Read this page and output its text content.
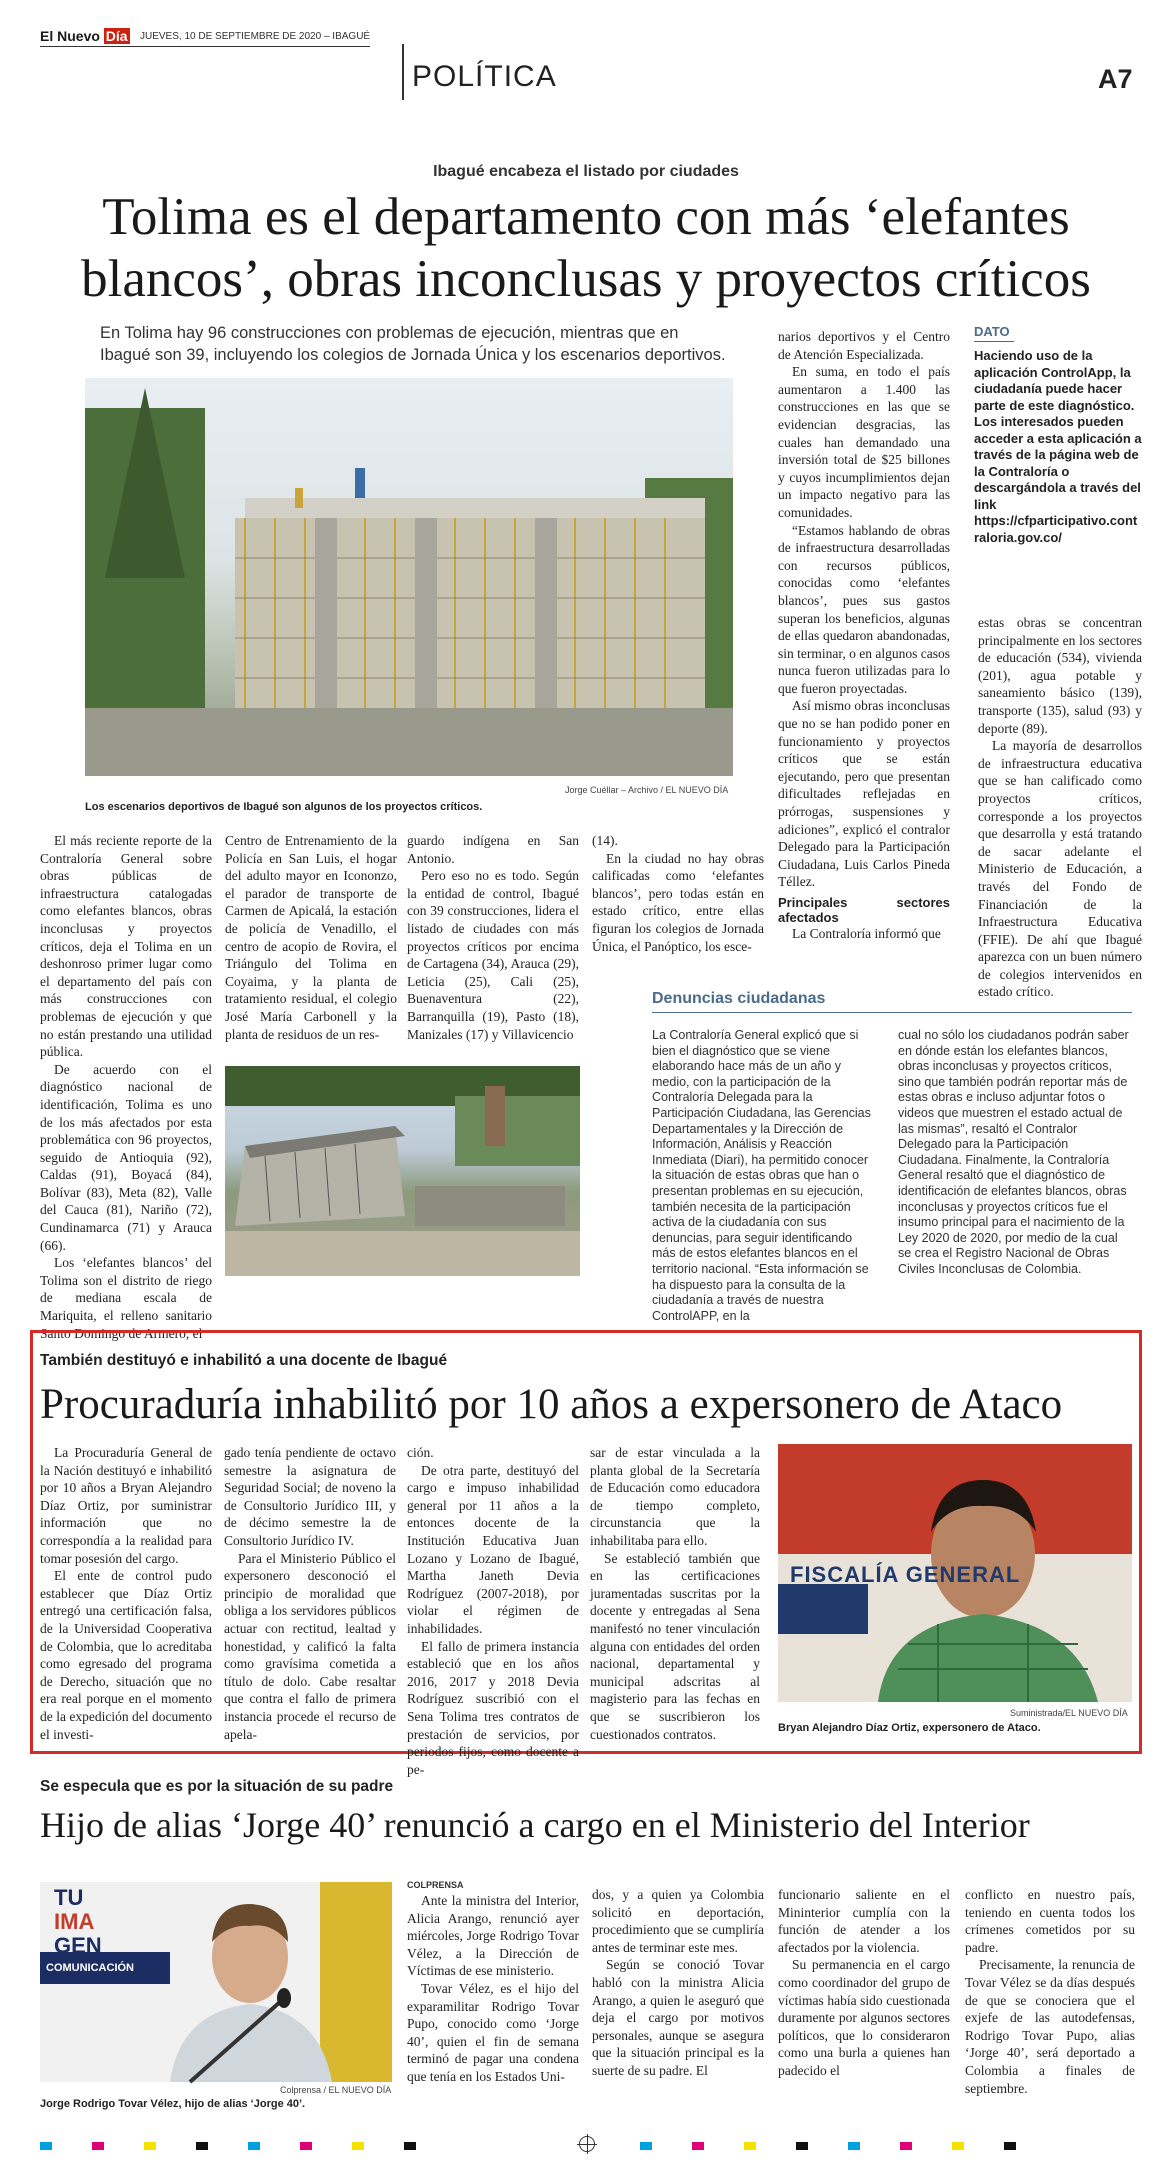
El Nuevo Día JUEVES, 10 DE SEPTIEMBRE DE 2020 – IBAGUÉ
POLÍTICA	A7
Ibagué encabeza el listado por ciudades
Tolima es el departamento con más ‘elefantes
blancos’, obras inconclusas y proyectos críticos
En Tolima hay 96 construcciones con problemas de ejecución, mientras que en
Ibagué son 39, incluyendo los colegios de Jornada Única y los escenarios deportivos.
Jorge Cuéllar – Archivo / EL NUEVO DÍA
Los escenarios deportivos de Ibagué son algunos de los proyectos críticos.

narios deportivos y el Centro de Atención Especializada.

En suma, en todo el país aumentaron a 1.400 las construcciones en las que se evidencian desgracias, las cuales han demandado una inversión total de $25 billones y cuyos incumplimientos dejan un impacto negativo para las comunidades.

“Estamos hablando de obras de infraestructura desarrolladas con recursos públicos, conocidas como ‘elefantes blancos’, pues sus gastos superan los beneficios, algunas de ellas quedaron abandonadas, sin terminar, o en algunos casos nunca fueron utilizadas para lo que fueron proyectadas.

Así mismo obras inconclusas que no se han podido poner en funcionamiento y proyectos críticos que se están ejecutando, pero que presentan dificultades reflejadas en prórrogas, suspensiones y adiciones”, explicó el contralor Delegado para la Participación Ciudadana, Luis Carlos Pineda Téllez.

Principales sectores afectados

La Contraloría informó que

DATO
Haciendo uso de la aplicación ControlApp, la ciudadanía puede hacer parte de este diagnóstico. Los interesados pueden acceder a esta aplicación a través de la página web de la Contraloría o descargándola a través del link https://cfparticipativo.contraloria.gov.co/

estas obras se concentran principalmente en los sectores de educación (534), vivienda (201), agua potable y saneamiento básico (139), transporte (135), salud (93) y deporte (89).

La mayoría de desarrollos de infraestructura educativa que se han calificado como proyectos críticos, corresponde a los proyectos que desarrolla y está tratando de sacar adelante el Ministerio de Educación, a través del Fondo de Financiación de la Infraestructura Educativa (FFIE). De ahí que Ibagué aparezca con un buen número de colegios intervenidos en estado crítico.

El más reciente reporte de la Contraloría General sobre obras públicas de infraestructura catalogadas como elefantes blancos, obras inconclusas y proyectos críticos, deja el Tolima en un deshonroso primer lugar como el departamento del país con más construcciones con problemas de ejecución y que no están prestando una utilidad pública.

De acuerdo con el diagnóstico nacional de identificación, Tolima es uno de los más afectados por esta problemática con 96 proyectos, seguido de Antioquia (92), Caldas (91), Boyacá (84), Bolívar (83), Meta (82), Valle del Cauca (81), Nariño (72), Cundinamarca (71) y Arauca (66).

Los ‘elefantes blancos’ del Tolima son el distrito de riego de mediana escala de Mariquita, el relleno sanitario Santo Domingo de Armero, el

Centro de Entrenamiento de la Policía en San Luis, el hogar del adulto mayor en Icononzo, el parador de transporte de Carmen de Apicalá, la estación de policía de Venadillo, el centro de acopio de Rovira, el Triángulo del Tolima en Coyaima, y la planta de tratamiento residual, el colegio José María Carbonell y la planta de residuos de un res-

guardo indígena en San Antonio.

Pero eso no es todo. Según la entidad de control, Ibagué con 39 construcciones, lidera el listado de ciudades con más proyectos críticos por encima de Cartagena (34), Arauca (29), Leticia (25), Cali (25), Buenaventura (22), Barranquilla (19), Pasto (18), Manizales (17) y Villavicencio

(14).

En la ciudad no hay obras calificadas como ‘elefantes blancos’, pero todas están en estado crítico, entre ellas figuran los colegios de Jornada Única, el Panóptico, los esce-

Denuncias ciudadanas
La Contraloría General explicó que si bien el diagnóstico que se viene elaborando hace más de un año y medio, con la participación de la Contraloría Delegada para la Participación Ciudadana, las Gerencias Departamentales y la Dirección de Información, Análisis y Reacción Inmediata (Diari), ha permitido conocer la situación de estas obras que han o presentan problemas en su ejecución, también necesita de la participación activa de la ciudadanía con sus denuncias, para seguir identificando más de estos elefantes blancos en el territorio nacional. “Esta información se ha dispuesto para la consulta de la ciudadanía a través de nuestra ControlAPP, en la
cual no sólo los ciudadanos podrán saber en dónde están los elefantes blancos, obras inconclusas y proyectos críticos, sino que también podrán reportar más de estas obras e incluso adjuntar fotos o videos que muestren el estado actual de las mismas”, resaltó el Contralor Delegado para la Participación Ciudadana. Finalmente, la Contraloría General resaltó que el diagnóstico de identificación de elefantes blancos, obras inconclusas y proyectos críticos fue el insumo principal para el nacimiento de la Ley 2020 de 2020, por medio de la cual se crea el Registro Nacional de Obras Civiles Inconclusas de Colombia.
También destituyó e inhabilitó a una docente de Ibagué
Procuraduría inhabilitó por 10 años a expersonero de Ataco

La Procuraduría General de la Nación destituyó e inhabilitó por 10 años a Bryan Alejandro Díaz Ortiz, por suministrar información que no correspondía a la realidad para tomar posesión del cargo.

El ente de control pudo establecer que Díaz Ortiz entregó una certificación falsa, de la Universidad Cooperativa de Colombia, que lo acreditaba como egresado del programa de Derecho, situación que no era real porque en el momento de la expedición del documento el investi-

gado tenía pendiente de octavo semestre la asignatura de Seguridad Social; de noveno la de Consultorio Jurídico III, y de décimo semestre la de Consultorio Jurídico IV.

Para el Ministerio Público el expersonero desconoció el principio de moralidad que obliga a los servidores públicos actuar con rectitud, lealtad y honestidad, y calificó la falta como gravísima cometida a título de dolo. Cabe resaltar que contra el fallo de primera instancia procede el recurso de apela-

ción.

De otra parte, destituyó del cargo e impuso inhabilidad general por 11 años a la entonces docente de la Institución Educativa Juan Lozano y Lozano de Ibagué, Martha Janeth Devia Rodríguez (2007-2018), por violar el régimen de inhabilidades.

El fallo de primera instancia estableció que en los años 2016, 2017 y 2018 Devia Rodríguez suscribió con el Sena Tolima tres contratos de prestación de servicios, por periodos fijos, como docente a pe-

sar de estar vinculada a la planta global de la Secretaría de Educación como educadora de tiempo completo, circunstancia que la inhabilitaba para ello.

Se estableció también que en las certificaciones juramentadas suscritas por la docente y entregadas al Sena manifestó no tener vinculación alguna con entidades del orden nacional, departamental y municipal adscritas al magisterio para las fechas en que se suscribieron los cuestionados contratos.

FISCALÍA GENERAL
Suministrada/EL NUEVO DÍA
Bryan Alejandro Díaz Ortiz, expersonero de Ataco.
Se especula que es por la situación de su padre
Hijo de alias ‘Jorge 40’ renunció a cargo en el Ministerio del Interior
TU
IMA
GEN
COMUNICACIÓN
Colprensa / EL NUEVO DÍA
Jorge Rodrigo Tovar Vélez, hijo de alias ‘Jorge 40’.
COLPRENSA

Ante la ministra del Interior, Alicia Arango, renunció ayer miércoles, Jorge Rodrigo Tovar Vélez, a la Dirección de Víctimas de ese ministerio.

Tovar Vélez, es el hijo del exparamilitar Rodrigo Tovar Pupo, conocido como ‘Jorge 40’, quien el fin de semana terminó de pagar una condena que tenía en los Estados Uni-

dos, y a quien ya Colombia solicitó en deportación, procedimiento que se cumpliría antes de terminar este mes.

Según se conoció Tovar habló con la ministra Alicia Arango, a quien le aseguró que deja el cargo por motivos personales, aunque se asegura que la situación principal es la suerte de su padre. El

funcionario saliente en el Mininterior cumplía con la función de atender a los afectados por la violencia.

Su permanencia en el cargo como coordinador del grupo de víctimas había sido cuestionada duramente por algunos sectores políticos, que lo consideraron como una burla a quienes han padecido el

conflicto en nuestro país, teniendo en cuenta todos los crímenes cometidos por su padre.

Precisamente, la renuncia de Tovar Vélez se da días después de que se conociera que el exjefe de las autodefensas, Rodrigo Tovar Pupo, alias ‘Jorge 40’, será deportado a Colombia a finales de septiembre.
